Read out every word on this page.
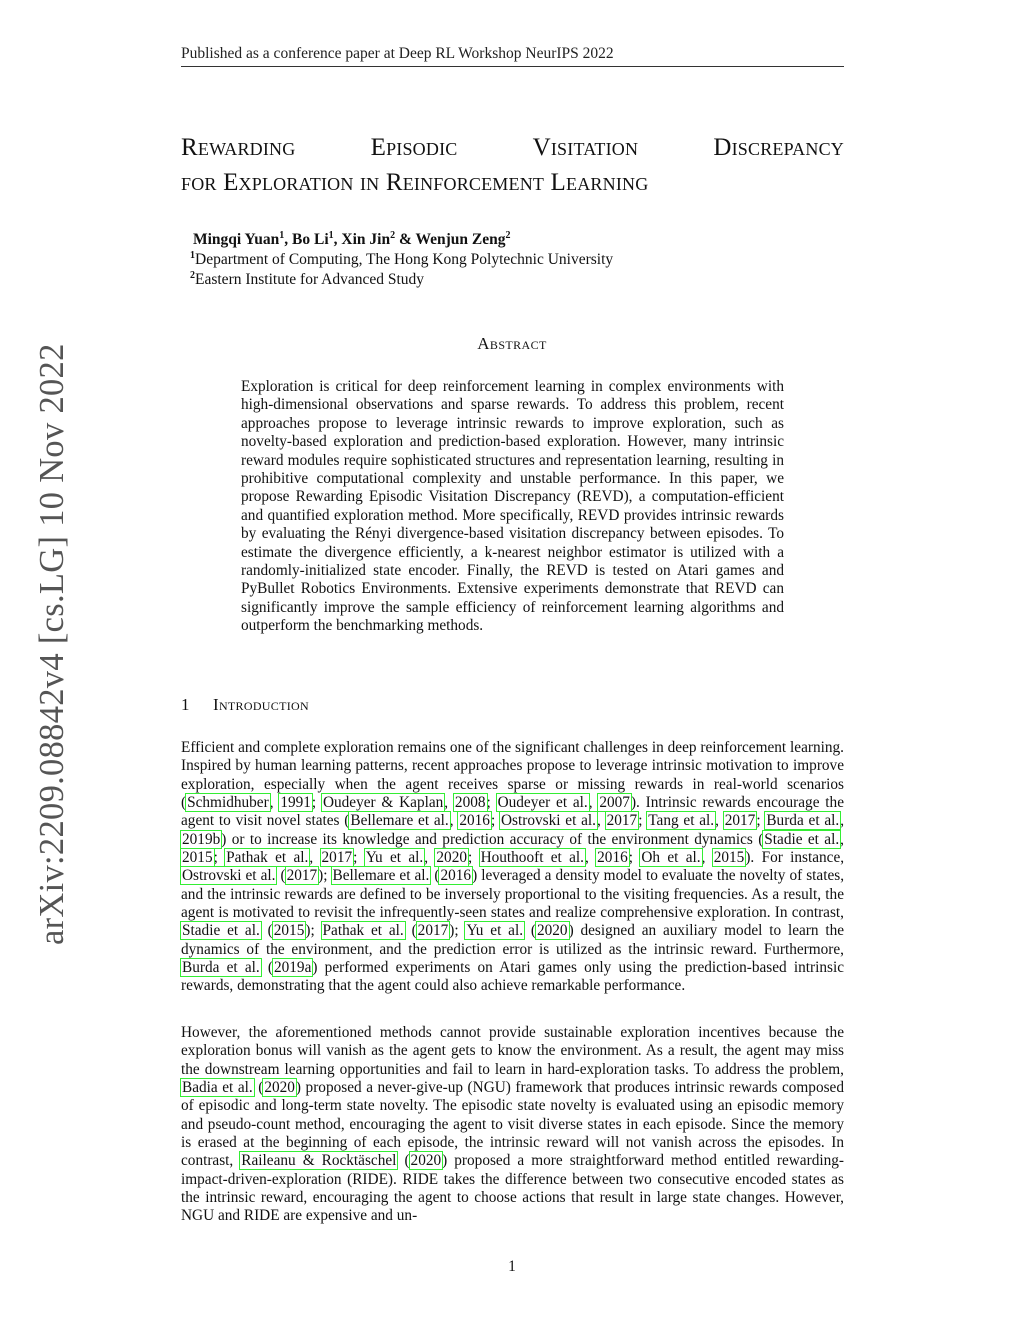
Published as a conference paper at Deep RL Workshop NeurIPS 2022
arXiv:2209.08842v4 [cs.LG] 10 Nov 2022
Rewarding	Episodic	Visitation	Discrepancy
for Exploration in Reinforcement Learning
Mingqi Yuan$^1$, Bo Li$^1$, Xin Jin$^2$ & Wenjun Zeng$^2$
$^1$Department of Computing, The Hong Kong Polytechnic University
$^2$Eastern Institute for Advanced Study
Abstract
Exploration is critical for deep reinforcement learning in complex environments with high-dimensional observations and sparse rewards. To address this problem, recent approaches propose to leverage intrinsic rewards to improve exploration, such as novelty-based exploration and prediction-based exploration. However, many intrinsic reward modules require sophisticated structures and representation learning, resulting in prohibitive computational complexity and unstable performance. In this paper, we propose Rewarding Episodic Visitation Discrepancy (REVD), a computation-efficient and quantified exploration method. More specifically, REVD provides intrinsic rewards by evaluating the Rényi divergence-based visitation discrepancy between episodes. To estimate the divergence efficiently, a k-nearest neighbor estimator is utilized with a randomly-initialized state encoder. Finally, the REVD is tested on Atari games and PyBullet Robotics Environments. Extensive experiments demonstrate that REVD can significantly improve the sample efficiency of reinforcement learning algorithms and outperform the benchmarking methods.
1 Introduction
Efficient and complete exploration remains one of the significant challenges in deep reinforcement learning. Inspired by human learning patterns, recent approaches propose to leverage intrinsic motivation to improve exploration, especially when the agent receives sparse or missing rewards in real-world scenarios (Schmidhuber, 1991; Oudeyer & Kaplan, 2008; Oudeyer et al., 2007). Intrinsic rewards encourage the agent to visit novel states (Bellemare et al., 2016; Ostrovski et al., 2017; Tang et al., 2017; Burda et al., 2019b) or to increase its knowledge and prediction accuracy of the environment dynamics (Stadie et al., 2015; Pathak et al., 2017; Yu et al., 2020; Houthooft et al., 2016; Oh et al., 2015). For instance, Ostrovski et al. (2017); Bellemare et al. (2016) leveraged a density model to evaluate the novelty of states, and the intrinsic rewards are defined to be inversely proportional to the visiting frequencies. As a result, the agent is motivated to revisit the infrequently-seen states and realize comprehensive exploration. In contrast, Stadie et al. (2015); Pathak et al. (2017); Yu et al. (2020) designed an auxiliary model to learn the dynamics of the environment, and the prediction error is utilized as the intrinsic reward. Furthermore, Burda et al. (2019a) performed experiments on Atari games only using the prediction-based intrinsic rewards, demonstrating that the agent could also achieve remarkable performance.
However, the aforementioned methods cannot provide sustainable exploration incentives because the exploration bonus will vanish as the agent gets to know the environment. As a result, the agent may miss the downstream learning opportunities and fail to learn in hard-exploration tasks. To address the problem, Badia et al. (2020) proposed a never-give-up (NGU) framework that produces intrinsic rewards composed of episodic and long-term state novelty. The episodic state novelty is evaluated using an episodic memory and pseudo-count method, encouraging the agent to visit diverse states in each episode. Since the memory is erased at the beginning of each episode, the intrinsic reward will not vanish across the episodes. In contrast, Raileanu & Rocktäschel (2020) proposed a more straightforward method entitled rewarding-impact-driven-exploration (RIDE). RIDE takes the difference between two consecutive encoded states as the intrinsic reward, encouraging the agent to choose actions that result in large state changes. However, NGU and RIDE are expensive and un-
1
